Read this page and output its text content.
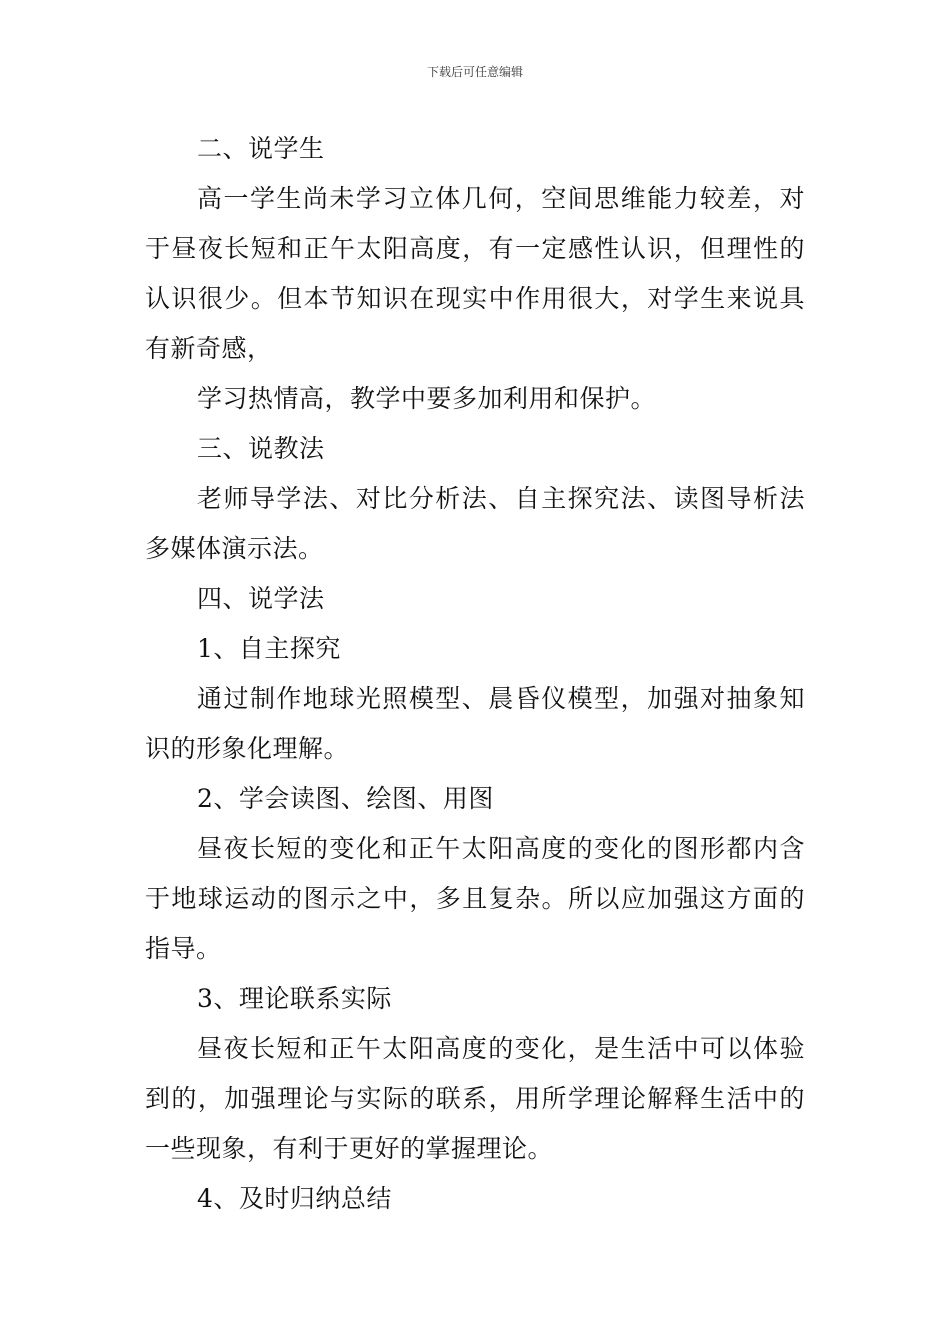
下载后可任意编辑

二、说学生

高一学生尚未学习立体几何，空间思维能力较差，对于昼夜长短和正午太阳高度，有一定感性认识，但理性的认识很少。但本节知识在现实中作用很大，对学生来说具有新奇感，

学习热情高，教学中要多加利用和保护。

三、说教法

老师导学法、对比分析法、自主探究法、读图导析法多媒体演示法。

四、说学法

1、自主探究

通过制作地球光照模型、晨昏仪模型，加强对抽象知识的形象化理解。

2、学会读图、绘图、用图

昼夜长短的变化和正午太阳高度的变化的图形都内含于地球运动的图示之中，多且复杂。所以应加强这方面的指导。

3、理论联系实际

昼夜长短和正午太阳高度的变化，是生活中可以体验到的，加强理论与实际的联系，用所学理论解释生活中的一些现象，有利于更好的掌握理论。

4、及时归纳总结
